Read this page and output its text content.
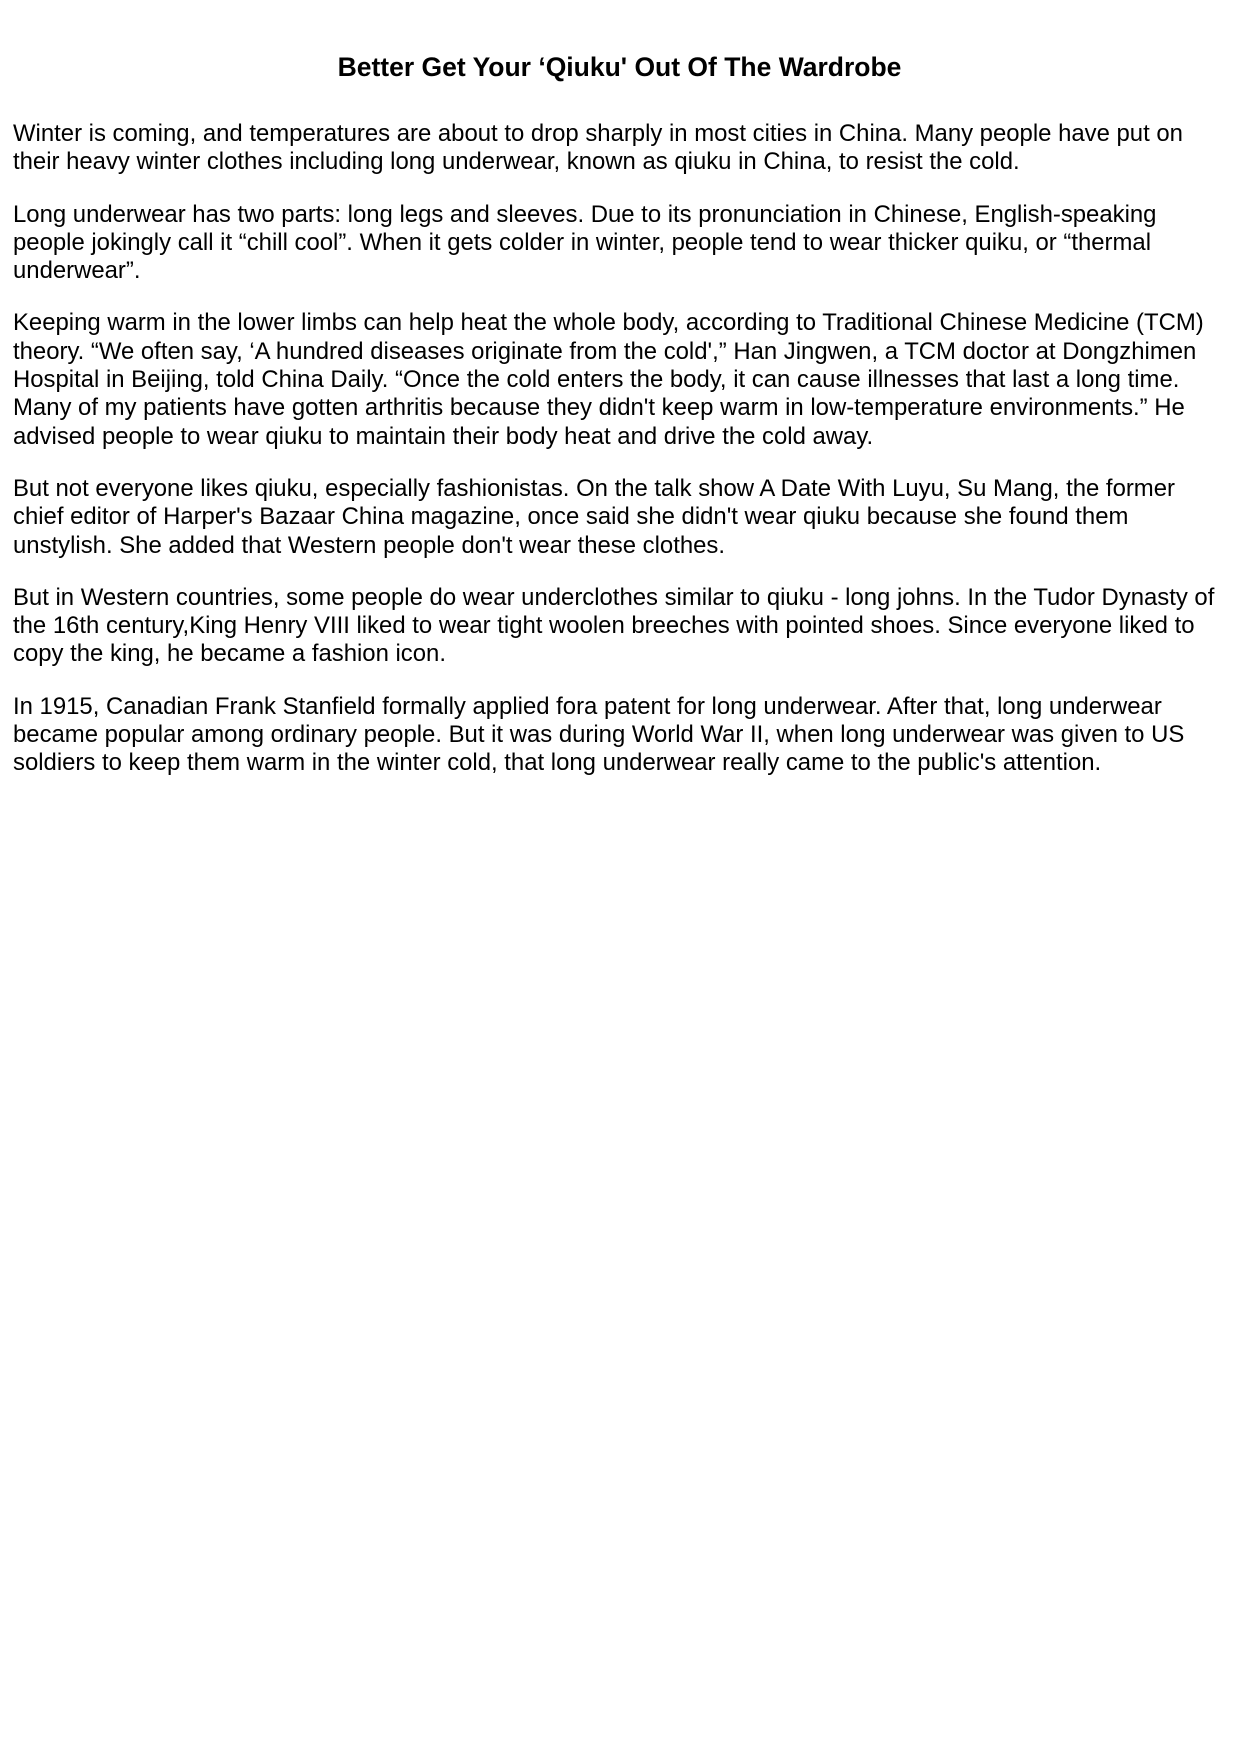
Better Get Your ‘Qiuku' Out Of The Wardrobe

Winter is coming, and temperatures are about to drop sharply in most cities in China. Many people have put on their heavy winter clothes including long underwear, known as qiuku in China, to resist the cold.

Long underwear has two parts: long legs and sleeves. Due to its pronunciation in Chinese, English-speaking people jokingly call it “chill cool”. When it gets colder in winter, people tend to wear thicker quiku, or “thermal underwear”.

Keeping warm in the lower limbs can help heat the whole body, according to Traditional Chinese Medicine (TCM) theory. “We often say, ‘A hundred diseases originate from the cold',” Han Jingwen, a TCM doctor at Dongzhimen Hospital in Beijing, told China Daily. “Once the cold enters the body, it can cause illnesses that last a long time. Many of my patients have gotten arthritis because they didn't keep warm in low-temperature environments.” He advised people to wear qiuku to maintain their body heat and drive the cold away.

But not everyone likes qiuku, especially fashionistas. On the talk show A Date With Luyu, Su Mang, the former chief editor of Harper's Bazaar China magazine, once said she didn't wear qiuku because she found them unstylish. She added that Western people don't wear these clothes.

But in Western countries, some people do wear underclothes similar to qiuku - long johns. In the Tudor Dynasty of the 16th century,King Henry VIII liked to wear tight woolen breeches with pointed shoes. Since everyone liked to copy the king, he became a fashion icon.

In 1915, Canadian Frank Stanfield formally applied fora patent for long underwear. After that, long underwear became popular among ordinary people. But it was during World War II, when long underwear was given to US soldiers to keep them warm in the winter cold, that long underwear really came to the public's attention.
